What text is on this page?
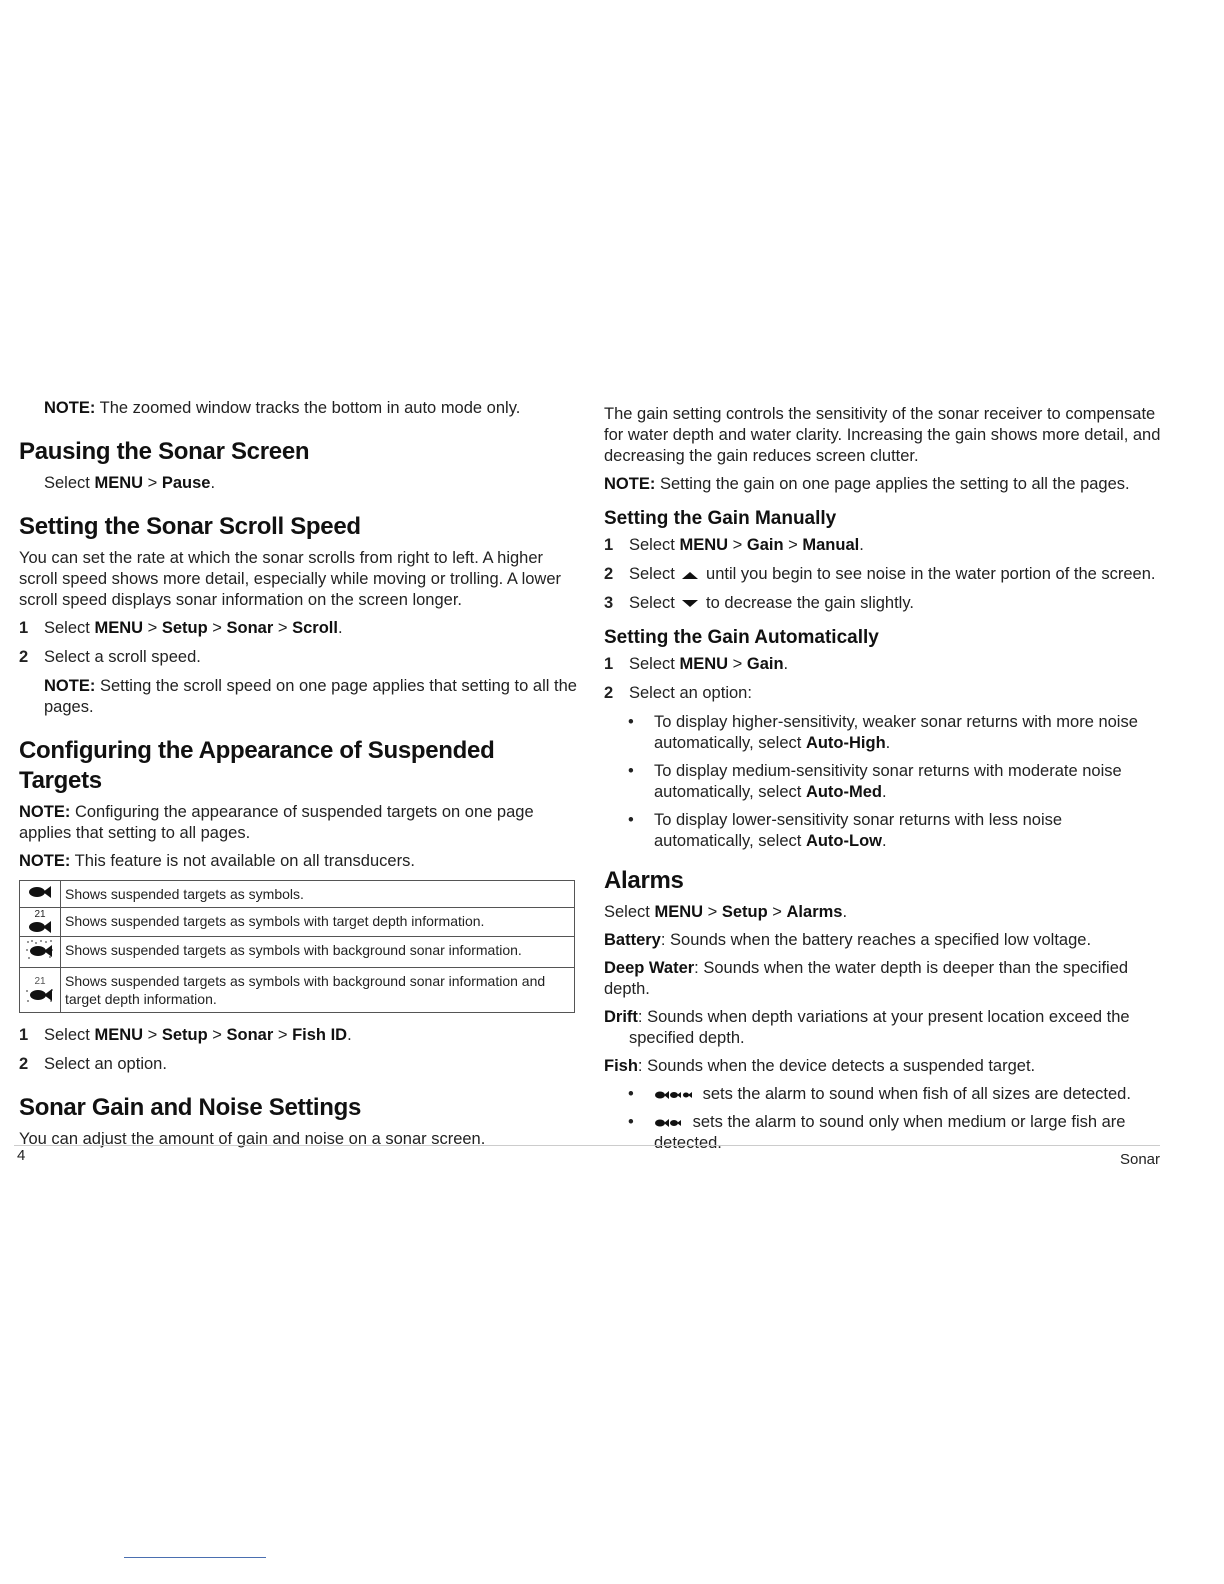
NOTE: The zoomed window tracks the bottom in auto mode only.

Pausing the Sonar Screen

Select MENU > Pause.

Setting the Sonar Scroll Speed

You can set the rate at which the sonar scrolls from right to left. A higher scroll speed shows more detail, especially while moving or trolling. A lower scroll speed displays sonar information on the screen longer.

1 Select MENU > Setup > Sonar > Scroll.
2 Select a scroll speed.

NOTE: Setting the scroll speed on one page applies that setting to all the pages.

Configuring the Appearance of Suspended Targets

NOTE: Configuring the appearance of suspended targets on one page applies that setting to all pages.

NOTE: This feature is not available on all transducers.

	Shows suspended targets as symbols.

21	Shows suspended targets as symbols with target depth information.
	Shows suspended targets as symbols with background sonar information.

21	Shows suspended targets as symbols with background sonar information and target depth information.
1 Select MENU > Setup > Sonar > Fish ID.
2 Select an option.
Sonar Gain and Noise Settings

You can adjust the amount of gain and noise on a sonar screen.

The gain setting controls the sensitivity of the sonar receiver to compensate for water depth and water clarity. Increasing the gain shows more detail, and decreasing the gain reduces screen clutter.

NOTE: Setting the gain on one page applies the setting to all the pages.

Setting the Gain Manually
1 Select MENU > Gain > Manual.
2 Select until you begin to see noise in the water portion of the screen.
3 Select to decrease the gain slightly.
Setting the Gain Automatically
1 Select MENU > Gain.
2 Select an option:
• To display higher-sensitivity, weaker sonar returns with more noise automatically, select Auto-High.
• To display medium-sensitivity sonar returns with moderate noise automatically, select Auto-Med.
• To display lower-sensitivity sonar returns with less noise automatically, select Auto-Low.
Alarms

Select MENU > Setup > Alarms.

Battery: Sounds when the battery reaches a specified low voltage.

Deep Water: Sounds when the water depth is deeper than the specified depth.

Drift: Sounds when depth variations at your present location exceed the specified depth.

Fish: Sounds when the device detects a suspended target.

•	sets the alarm to sound when fish of all sizes are detected.
•	sets the alarm to sound only when medium or large fish are detected.
4	Sonar
